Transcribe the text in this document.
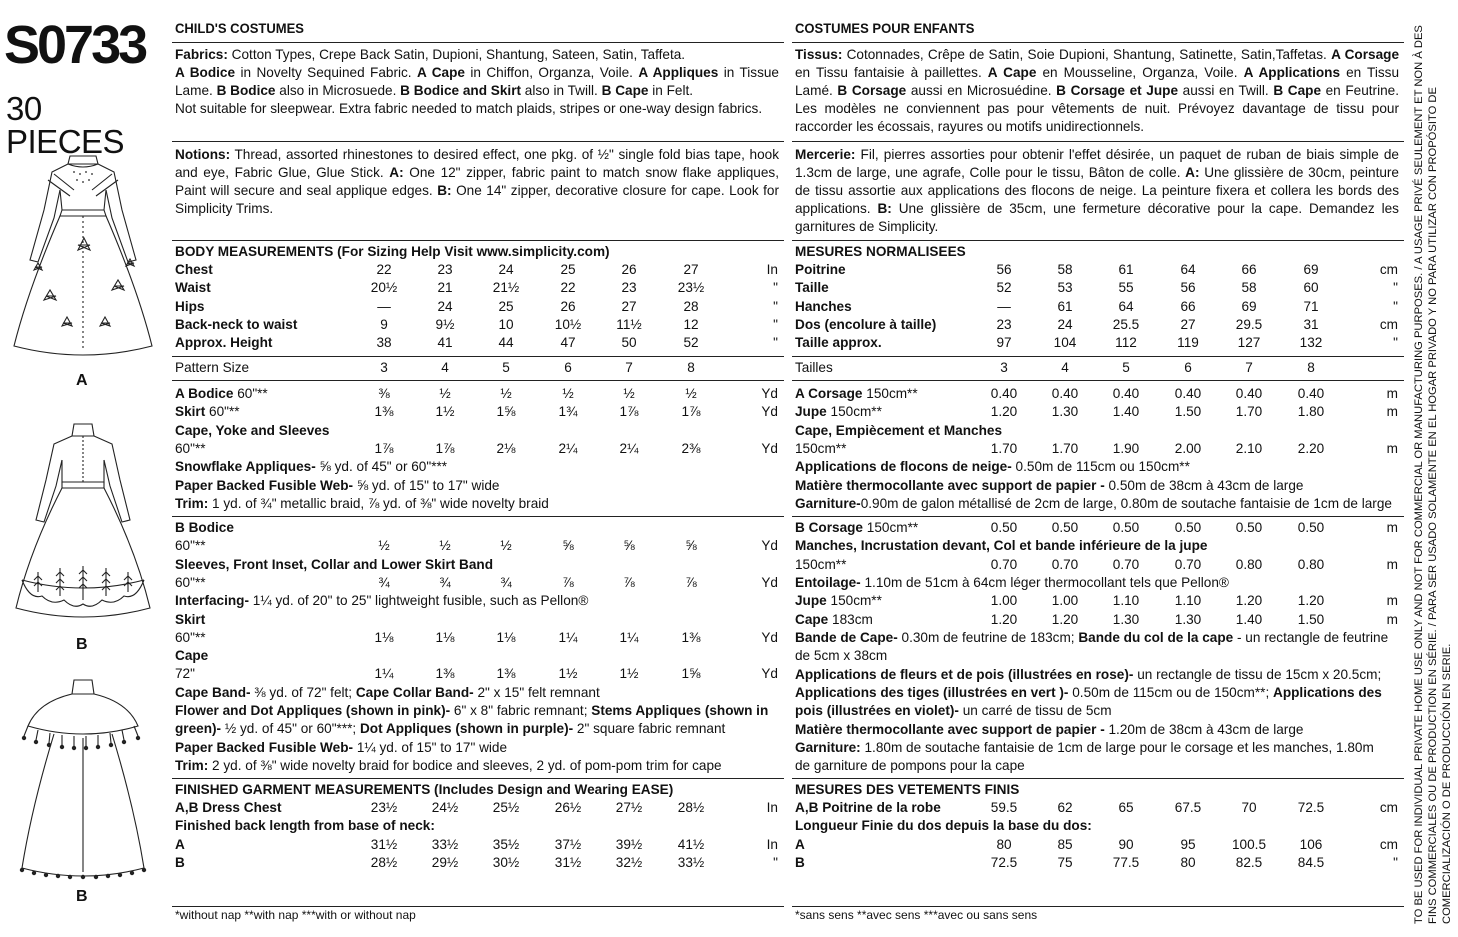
S0733
30 PIECES
A
B
B
CHILD'S COSTUMES
Fabrics: Cotton Types, Crepe Back Satin, Dupioni, Shantung, Sateen, Satin, Taffeta.
A Bodice in Novelty Sequined Fabric. A Cape in Chiffon, Organza, Voile. A Appliques in Tissue Lame. B Bodice also in Microsuede. B Bodice and Skirt also in Twill. B Cape in Felt.
Not suitable for sleepwear. Extra fabric needed to match plaids, stripes or one-way design fabrics.
Notions: Thread, assorted rhinestones to desired effect, one pkg. of ½" single fold bias tape, hook and eye, Fabric Glue, Glue Stick. A: One 12" zipper, fabric paint to match snow flake appliques, Paint will secure and seal applique edges. B: One 14" zipper, decorative closure for cape. Look for Simplicity Trims.
BODY MEASUREMENTS (For Sizing Help Visit www.simplicity.com)
Chest	22	23	24	25	26	27	In
Waist	20½	21	21½	22	23	23½	"
Hips	—	24	25	26	27	28	"
Back-neck to waist	9	9½	10	10½	11½	12	"
Approx. Height	38	41	44	47	50	52	"
Pattern Size	3	4	5	6	7	8
A Bodice 60"**	⅜	½	½	½	½	½	Yd
Skirt 60"**	1⅜	1½	1⅝	1¾	1⅞	1⅞	Yd
Cape, Yoke and Sleeves
60"**	1⅞	1⅞	2⅛	2¼	2¼	2⅜	Yd
Snowflake Appliques- ⅝ yd. of 45" or 60"***
Paper Backed Fusible Web- ⅝ yd. of 15" to 17" wide
Trim: 1 yd. of ¾" metallic braid, ⅞ yd. of ⅜" wide novelty braid
B Bodice
60"**	½	½	½	⅝	⅝	⅝	Yd
Sleeves, Front Inset, Collar and Lower Skirt Band
60"**	¾	¾	¾	⅞	⅞	⅞	Yd
Interfacing- 1¼ yd. of 20" to 25" lightweight fusible, such as Pellon®
Skirt
60"**	1⅛	1⅛	1⅛	1¼	1¼	1⅜	Yd
Cape
72"	1¼	1⅜	1⅜	1½	1½	1⅝	Yd
Cape Band- ⅜ yd. of 72" felt; Cape Collar Band- 2" x 15" felt remnant
Flower and Dot Appliques (shown in pink)- 6" x 8" fabric remnant; Stems Appliques (shown in
green)- ½ yd. of 45" or 60"***; Dot Appliques (shown in purple)- 2" square fabric remnant
Paper Backed Fusible Web- 1¼ yd. of 15" to 17" wide
Trim: 2 yd. of ⅜" wide novelty braid for bodice and sleeves, 2 yd. of pom-pom trim for cape
FINISHED GARMENT MEASUREMENTS (Includes Design and Wearing EASE)
A,B Dress Chest	23½	24½	25½	26½	27½	28½	In
Finished back length from base of neck:
A	31½	33½	35½	37½	39½	41½	In
B	28½	29½	30½	31½	32½	33½	"
*without nap **with nap ***with or without nap
COSTUMES POUR ENFANTS
Tissus: Cotonnades, Crêpe de Satin, Soie Dupioni, Shantung, Satinette, Satin,Taffetas. A Corsage en Tissu fantaisie à paillettes. A Cape en Mousseline, Organza, Voile. A Applications en Tissu Lamé. B Corsage aussi en Microsuédine. B Corsage et Jupe aussi en Twill. B Cape en Feutrine. Les modèles ne conviennent pas pour vêtements de nuit. Prévoyez davantage de tissu pour raccorder les écossais, rayures ou motifs unidirectionnels.
Mercerie: Fil, pierres assorties pour obtenir l'effet désirée, un paquet de ruban de biais simple de 1.3cm de large, une agrafe, Colle pour le tissu, Bâton de colle. A: Une glissière de 30cm, peinture de tissu assortie aux applications des flocons de neige. La peinture fixera et collera les bords des applications. B: Une glissière de 35cm, une fermeture décorative pour la cape. Demandez les garnitures de Simplicity.
MESURES NORMALISEES
Poitrine	56	58	61	64	66	69	cm
Taille	52	53	55	56	58	60	"
Hanches	—	61	64	66	69	71	"
Dos (encolure à taille)	23	24	25.5	27	29.5	31	cm
Taille approx.	97	104	112	119	127	132	"
Tailles	3	4	5	6	7	8
A Corsage 150cm**	0.40	0.40	0.40	0.40	0.40	0.40	m
Jupe 150cm**	1.20	1.30	1.40	1.50	1.70	1.80	m
Cape, Empiècement et Manches
150cm**	1.70	1.70	1.90	2.00	2.10	2.20	m
Applications de flocons de neige- 0.50m de 115cm ou 150cm**
Matière thermocollante avec support de papier - 0.50m de 38cm à 43cm de large
Garniture-0.90m de galon métallisé de 2cm de large, 0.80m de soutache fantaisie de 1cm de large
B Corsage 150cm**	0.50	0.50	0.50	0.50	0.50	0.50	m
Manches, Incrustation devant, Col et bande inférieure de la jupe
150cm**	0.70	0.70	0.70	0.70	0.80	0.80	m
Entoilage- 1.10m de 51cm à 64cm léger thermocollant tels que Pellon®
Jupe 150cm**	1.00	1.00	1.10	1.10	1.20	1.20	m
Cape 183cm	1.20	1.20	1.30	1.30	1.40	1.50	m
Bande de Cape- 0.30m de feutrine de 183cm; Bande du col de la cape - un rectangle de feutrine
de 5cm x 38cm
Applications de fleurs et de pois (illustrées en rose)- un rectangle de tissu de 15cm x 20.5cm;
Applications des tiges (illustrées en vert )- 0.50m de 115cm ou de 150cm**; Applications des
pois (illustrées en violet)- un carré de tissu de 5cm
Matière thermocollante avec support de papier - 1.20m de 38cm à 43cm de large
Garniture: 1.80m de soutache fantaisie de 1cm de large pour le corsage et les manches, 1.80m
de garniture de pompons pour la cape
MESURES DES VETEMENTS FINIS
A,B Poitrine de la robe	59.5	62	65	67.5	70	72.5	cm
Longueur Finie du dos depuis la base du dos:
A	80	85	90	95	100.5	106	cm
B	72.5	75	77.5	80	82.5	84.5	"
*sans sens **avec sens ***avec ou sans sens	TO BE USED FOR INDIVIDUAL PRIVATE HOME USE ONLY AND NOT FOR COMMERCIAL OR MANUFACTURING PURPOSES. / A USAGE PRIVÉ SEULEMENT ET NON À DES FINS COMMERCIALES OU DE PRODUCTION EN SÉRIE. / PARA SER USADO SOLAMENTE EN EL HOGAR PRIVADO Y NO PARA UTILIZAR CON PROPÓSITO DE COMERCIALIZACIÓN O DE PRODUCCIÓN EN SERIE.
